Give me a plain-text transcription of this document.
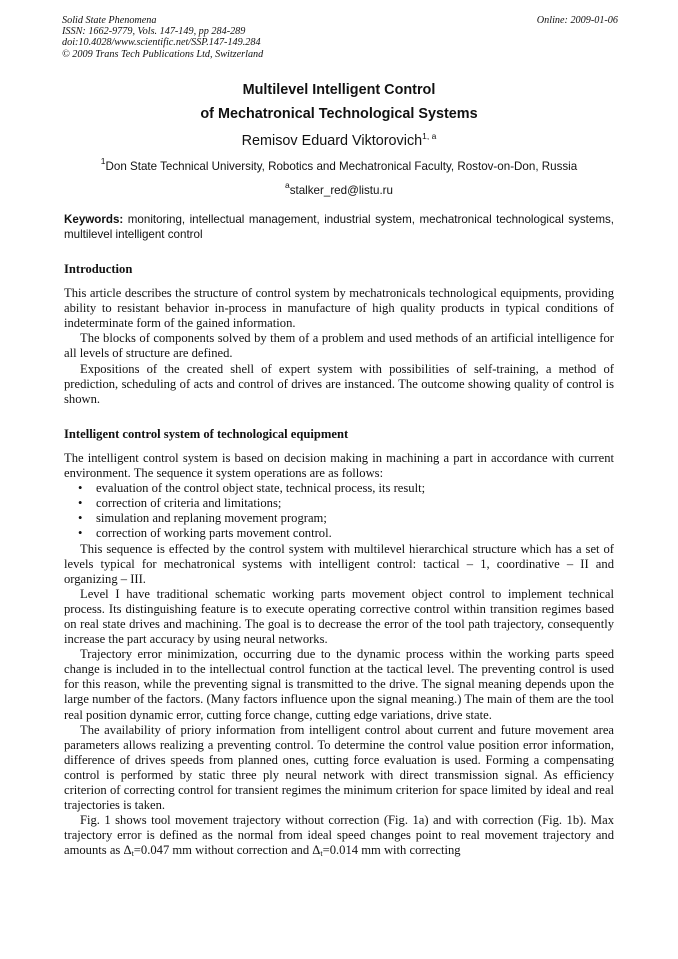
Solid State Phenomena
ISSN: 1662-9779, Vols. 147-149, pp 284-289
doi:10.4028/www.scientific.net/SSP.147-149.284
© 2009 Trans Tech Publications Ltd, Switzerland
Online: 2009-01-06
Multilevel Intelligent Control
of Mechatronical Technological Systems
Remisov Eduard Viktorovich$^{1, a}$
$^1$Don State Technical University, Robotics and Mechatronical Faculty, Rostov-on-Don, Russia
$^a$stalker_red@listu.ru
Keywords: monitoring, intellectual management, industrial system, mechatronical technological systems, multilevel intelligent control
Introduction

This article describes the structure of control system by mechatronicals technological equipments, providing ability to resistant behavior in-process in manufacture of high quality products in typical conditions of indeterminate form of the gained information.

The blocks of components solved by them of a problem and used methods of an artificial intelligence for all levels of structure are defined.

Expositions of the created shell of expert system with possibilities of self-training, a method of prediction, scheduling of acts and control of drives are instanced. The outcome showing quality of control is shown.

Intelligent control system of technological equipment

The intelligent control system is based on decision making in machining a part in accordance with current environment. The sequence it system operations are as follows:

• evaluation of the control object state, technical process, its result;
• correction of criteria and limitations;
• simulation and replaning movement program;
• correction of working parts movement control.

This sequence is effected by the control system with multilevel hierarchical structure which has a set of levels typical for mechatronical systems with intelligent control: tactical – 1, coordinative – II and organizing – III.

Level I have traditional schematic working parts movement object control to implement technical process. Its distinguishing feature is to execute operating corrective control within transition regimes based on real state drives and machining. The goal is to decrease the error of the tool path trajectory, consequently increase the part accuracy by using neural networks.

Trajectory error minimization, occurring due to the dynamic process within the working parts speed change is included in to the intellectual control function at the tactical level. The preventing control is used for this reason, while the preventing signal is transmitted to the drive. The signal meaning depends upon the large number of the factors. (Many factors influence upon the signal meaning.) The main of them are the tool real position dynamic error, cutting force change, cutting edge variations, drive state.

The availability of priory information from intelligent control about current and future movement area parameters allows realizing a preventing control. To determine the control value position error information, difference of drives speeds from planned ones, cutting force evaluation is used. Forming a compensating control is performed by static three ply neural network with direct transmission signal. As efficiency criterion of correcting control for transient regimes the minimum criterion for space limited by ideal and real trajectories is taken.

Fig. 1 shows tool movement trajectory without correction (Fig. 1a) and with correction (Fig. 1b). Max trajectory error is defined as the normal from ideal speed changes point to real movement trajectory and amounts as $\Delta_t=0.047$ mm without correction and $\Delta_t=0.014$ mm with correcting
